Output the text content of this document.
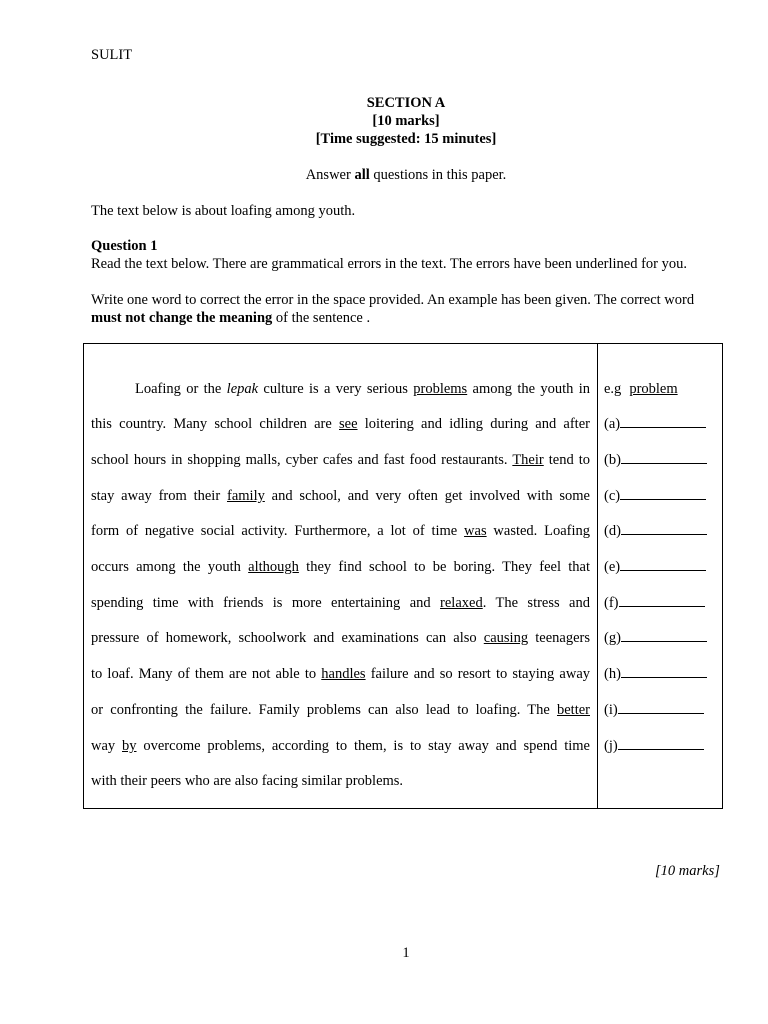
SULIT
SECTION A
[10 marks]
[Time suggested: 15 minutes]
Answer all questions in this paper.
The text below is about loafing among youth.
Question 1
Read the text below. There are grammatical errors in the text. The errors have been underlined for you.
Write one word to correct the error in the space provided. An example has been given. The correct word
must not change the meaning of the sentence .
Loafing or the lepak culture is a very serious problems among the youth in
this country. Many school children are see loitering and idling during and after
school hours in shopping malls, cyber cafes and fast food restaurants. Their tend to
stay away from their family and school, and very often get involved with some
form of negative social activity. Furthermore, a lot of time was wasted. Loafing
occurs among the youth although they find school to be boring. They feel that
spending time with friends is more entertaining and relaxed. The stress and
pressure of homework, schoolwork and examinations can also causing teenagers
to loaf. Many of them are not able to handles failure and so resort to staying away
or confronting the failure. Family problems can also lead to loafing. The better
way by overcome problems, according to them, is to stay away and spend time
with their peers who are also facing similar problems.
e.g problem
(a)
(b)
(c)
(d)
(e)
(f)
(g)
(h)
(i)
(j)
[10 marks]
1
